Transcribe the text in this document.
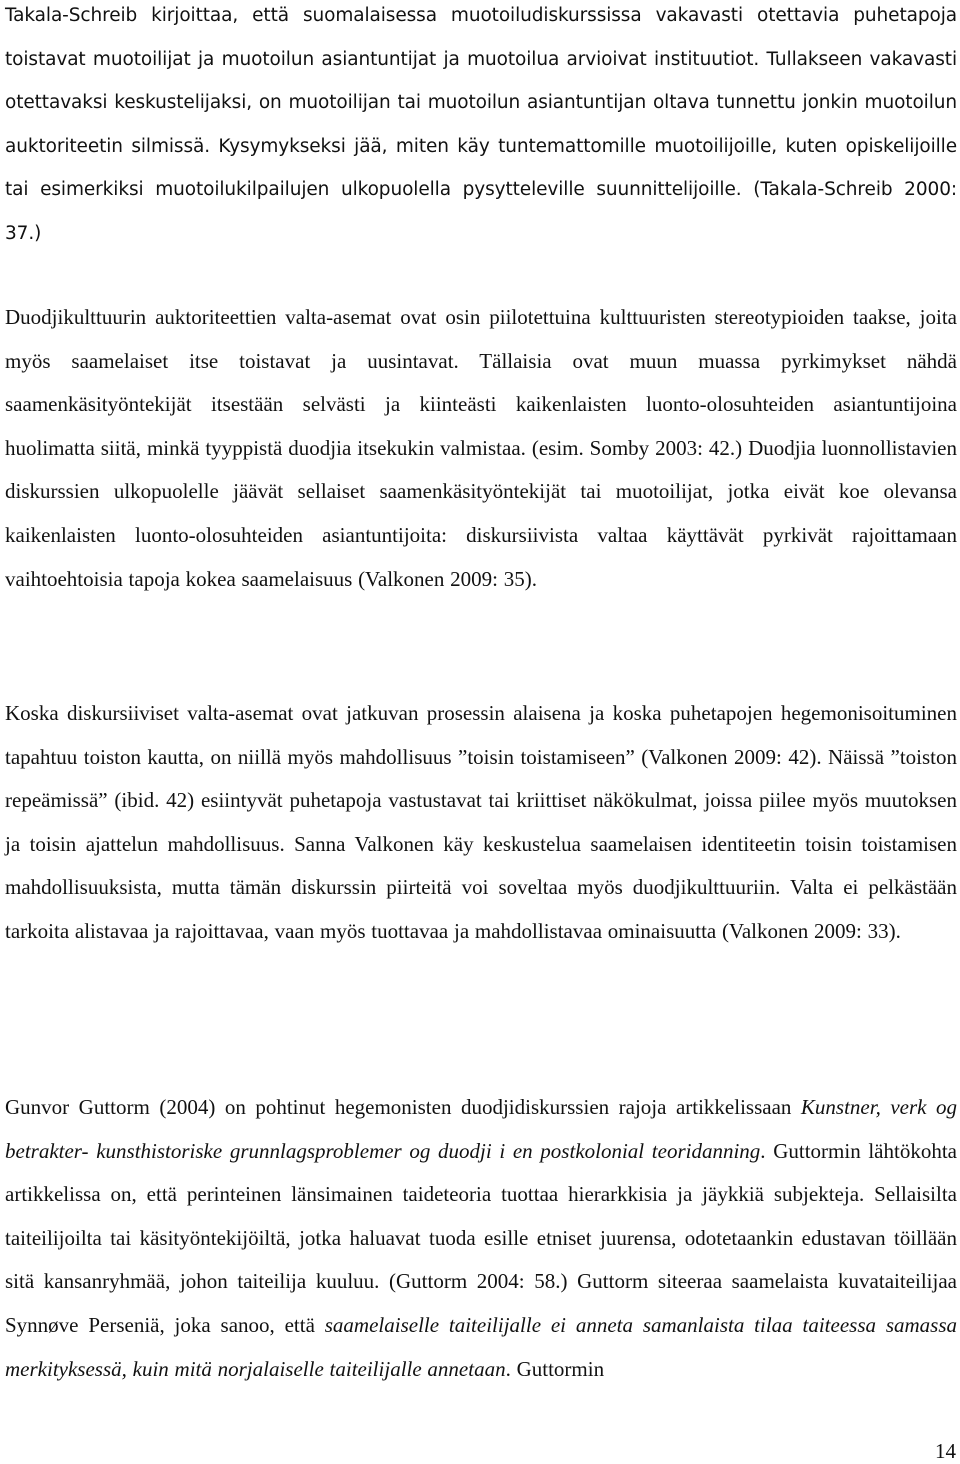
Takala-Schreib kirjoittaa, että suomalaisessa muotoiludiskurssissa vakavasti otettavia puhetapoja toistavat muotoilijat ja muotoilun asiantuntijat ja muotoilua arvioivat instituutiot. Tullakseen vakavasti otettavaksi keskustelijaksi, on muotoilijan tai muotoilun asiantuntijan oltava tunnettu jonkin muotoilun auktoriteetin silmissä. Kysymykseksi jää, miten käy tuntemattomille muotoilijoille, kuten opiskelijoille tai esimerkiksi muotoilukilpailujen ulkopuolella pysytteleville suunnittelijoille. (Takala-Schreib 2000: 37.)

Duodjikulttuurin auktoriteettien valta-asemat ovat osin piilotettuina kulttuuristen stereotypioiden taakse, joita myös saamelaiset itse toistavat ja uusintavat. Tällaisia ovat muun muassa pyrkimykset nähdä saamenkäsityöntekijät itsestään selvästi ja kiinteästi kaikenlaisten luonto-olosuhteiden asiantuntijoina huolimatta siitä, minkä tyyppistä duodjia itsekukin valmistaa. (esim. Somby 2003: 42.) Duodjia luonnollistavien diskurssien ulkopuolelle jäävät sellaiset saamenkäsityöntekijät tai muotoilijat, jotka eivät koe olevansa kaikenlaisten luonto-olosuhteiden asiantuntijoita: diskursiivista valtaa käyttävät pyrkivät rajoittamaan vaihtoehtoisia tapoja kokea saamelaisuus (Valkonen 2009: 35).

Koska diskursiiviset valta-asemat ovat jatkuvan prosessin alaisena ja koska puhetapojen hegemonisoituminen tapahtuu toiston kautta, on niillä myös mahdollisuus ”toisin toistamiseen” (Valkonen 2009: 42). Näissä ”toiston repeämissä” (ibid. 42) esiintyvät puhetapoja vastustavat tai kriittiset näkökulmat, joissa piilee myös muutoksen ja toisin ajattelun mahdollisuus. Sanna Valkonen käy keskustelua saamelaisen identiteetin toisin toistamisen mahdollisuuksista, mutta tämän diskurssin piirteitä voi soveltaa myös duodjikulttuuriin. Valta ei pelkästään tarkoita alistavaa ja rajoittavaa, vaan myös tuottavaa ja mahdollistavaa ominaisuutta (Valkonen 2009: 33).

Gunvor Guttorm (2004) on pohtinut hegemonisten duodjidiskurssien rajoja artikkelissaan Kunstner, verk og betrakter- kunsthistoriske grunnlagsproblemer og duodji i en postkolonial teoridanning. Guttormin lähtökohta artikkelissa on, että perinteinen länsimainen taideteoria tuottaa hierarkkisia ja jäykkiä subjekteja. Sellaisilta taiteilijoilta tai käsityöntekijöiltä, jotka haluavat tuoda esille etniset juurensa, odotetaankin edustavan töillään sitä kansanryhmää, johon taiteilija kuuluu. (Guttorm 2004: 58.) Guttorm siteeraa saamelaista kuvataiteilijaa Synnøve Perseniä, joka sanoo, että saamelaiselle taiteilijalle ei anneta samanlaista tilaa taiteessa samassa merkityksessä, kuin mitä norjalaiselle taiteilijalle annetaan. Guttormin

14
